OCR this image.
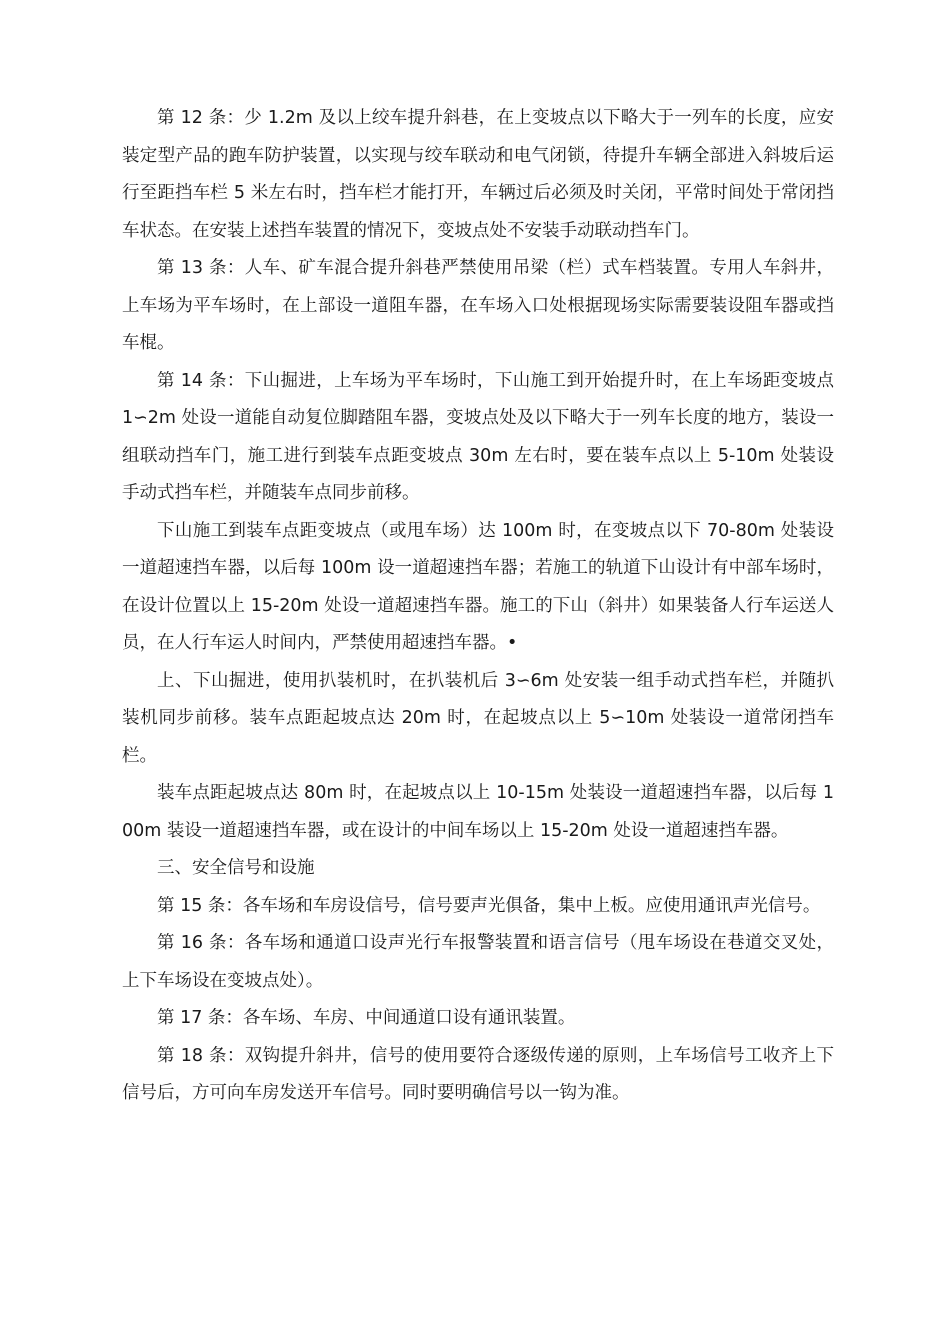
第 12 条：少 1.2m 及以上绞车提升斜巷，在上变坡点以下略大于一列车的长度，应安装定型产品的跑车防护装置，以实现与绞车联动和电气闭锁，待提升车辆全部进入斜坡后运行至距挡车栏 5 米左右时，挡车栏才能打开，车辆过后必须及时关闭，平常时间处于常闭挡车状态。在安装上述挡车装置的情况下，变坡点处不安装手动联动挡车门。

第 13 条：人车、矿车混合提升斜巷严禁使用吊梁（栏）式车档装置。专用人车斜井，上车场为平车场时，在上部设一道阻车器，在车场入口处根据现场实际需要装设阻车器或挡车棍。

第 14 条：下山掘进，上车场为平车场时，下山施工到开始提升时，在上车场距变坡点 1∽2m 处设一道能自动复位脚踏阻车器，变坡点处及以下略大于一列车长度的地方，装设一组联动挡车门，施工进行到装车点距变坡点 30m 左右时，要在装车点以上 5-10m 处装设手动式挡车栏，并随装车点同步前移。

下山施工到装车点距变坡点（或甩车场）达 100m 时，在变坡点以下 70-80m 处装设一道超速挡车器，以后每 100m 设一道超速挡车器；若施工的轨道下山设计有中部车场时，在设计位置以上 15-20m 处设一道超速挡车器。施工的下山（斜井）如果装备人行车运送人员，在人行车运人时间内，严禁使用超速挡车器。•

上、下山掘进，使用扒装机时，在扒装机后 3∽6m 处安装一组手动式挡车栏，并随扒装机同步前移。装车点距起坡点达 20m 时，在起坡点以上 5∽10m 处装设一道常闭挡车栏。

装车点距起坡点达 80m 时，在起坡点以上 10-15m 处装设一道超速挡车器，以后每 100m 装设一道超速挡车器，或在设计的中间车场以上 15-20m 处设一道超速挡车器。

三、安全信号和设施

第 15 条：各车场和车房设信号，信号要声光俱备，集中上板。应使用通讯声光信号。

第 16 条：各车场和通道口设声光行车报警装置和语言信号（甩车场设在巷道交叉处，上下车场设在变坡点处）。

第 17 条：各车场、车房、中间通道口设有通讯装置。

第 18 条：双钩提升斜井，信号的使用要符合逐级传递的原则，上车场信号工收齐上下信号后，方可向车房发送开车信号。同时要明确信号以一钩为准。
